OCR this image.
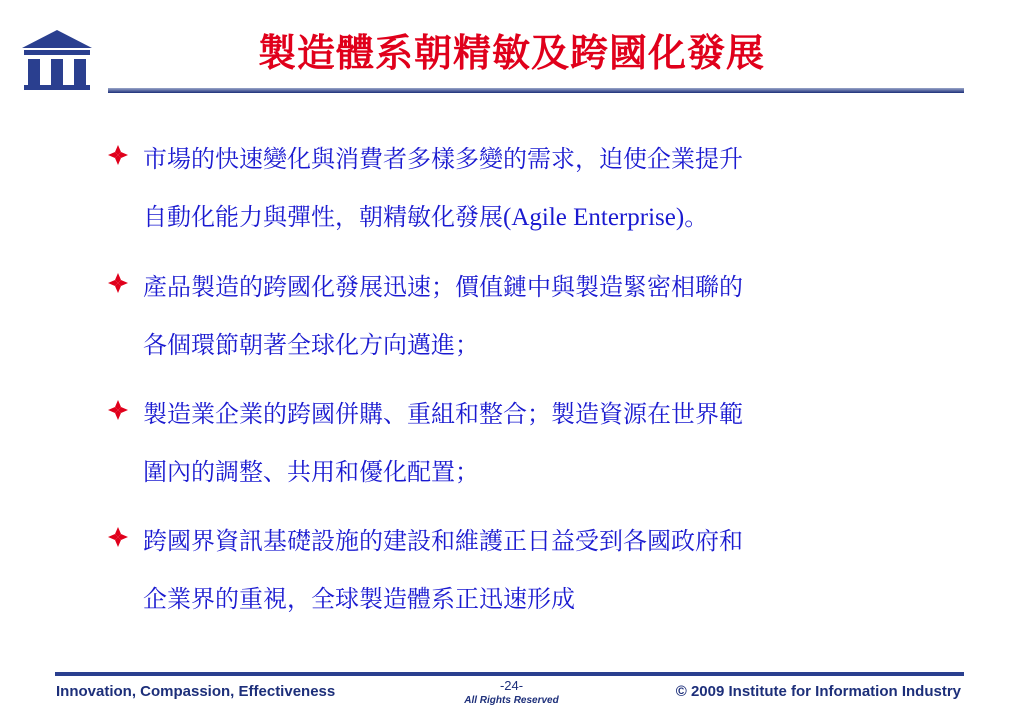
製造體系朝精敏及跨國化發展
市場的快速變化與消費者多樣多變的需求，迫使企業提升
自動化能力與彈性，朝精敏化發展(Agile Enterprise)。
產品製造的跨國化發展迅速；價值鏈中與製造緊密相聯的
各個環節朝著全球化方向邁進；
製造業企業的跨國併購、重組和整合；製造資源在世界範
圍內的調整、共用和優化配置；
跨國界資訊基礎設施的建設和維護正日益受到各國政府和
企業界的重視，全球製造體系正迅速形成
Innovation, Compassion, Effectiveness	-24-
All Rights Reserved
© 2009 Institute for Information Industry
